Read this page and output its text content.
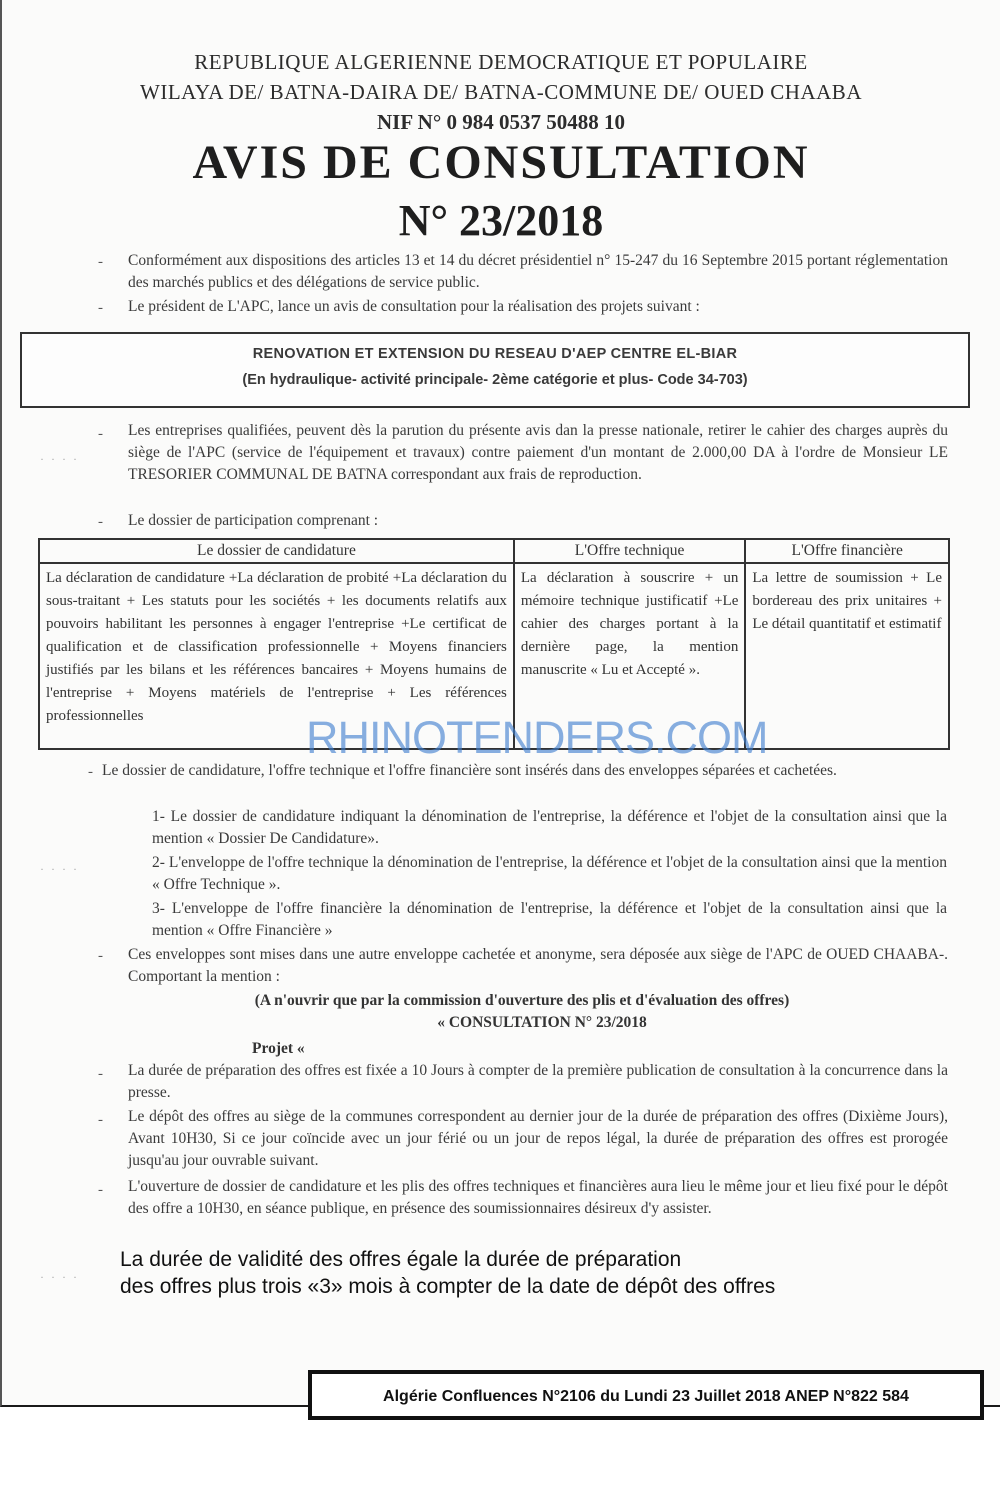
REPUBLIQUE ALGERIENNE DEMOCRATIQUE ET POPULAIRE
WILAYA DE/ BATNA-DAIRA DE/ BATNA-COMMUNE DE/ OUED CHAABA
NIF N° 0 984 0537 50488 10
AVIS DE CONSULTATION
N° 23/2018
- Conformément aux dispositions des articles 13 et 14 du décret présidentiel n° 15-247 du 16 Septembre 2015 portant réglementation des marchés publics et des délégations de service public.
- Le président de L'APC, lance un avis de consultation pour la réalisation des projets suivant :
RENOVATION ET EXTENSION DU RESEAU D'AEP CENTRE EL-BIAR
(En hydraulique- activité principale- 2ème catégorie et plus- Code 34-703)
- Les entreprises qualifiées, peuvent dès la parution du présente avis dan la presse nationale, retirer le cahier des charges auprès du siège de l'APC (service de l'équipement et travaux) contre paiement d'un montant de 2.000,00 DA à l'ordre de Monsieur LE TRESORIER COMMUNAL DE BATNA correspondant aux frais de reproduction.
· · · ·
- Le dossier de participation comprenant :
Le dossier de candidature	L'Offre technique	L'Offre financière
La déclaration de candidature +La déclaration de probité +La déclaration du sous-traitant + Les statuts pour les sociétés + les documents relatifs aux pouvoirs habilitant les personnes à engager l'entreprise +Le certificat de qualification et de classification professionnelle + Moyens financiers justifiés par les bilans et les références bancaires + Moyens humains de l'entreprise + Moyens matériels de l'entreprise + Les références professionnelles	La déclaration à souscrire + un mémoire technique justificatif +Le cahier des charges portant à la dernière page, la mention manuscrite « Lu et Accepté ».	La lettre de soumission + Le bordereau des prix unitaires + Le détail quantitatif et estimatif
RHINOTENDERS.COM
- Le dossier de candidature, l'offre technique et l'offre financière sont insérés dans des enveloppes séparées et cachetées.
1- Le dossier de candidature indiquant la dénomination de l'entreprise, la déférence et l'objet de la consultation ainsi que la mention « Dossier De Candidature».
2- L'enveloppe de l'offre technique la dénomination de l'entreprise, la déférence et l'objet de la consultation ainsi que la mention « Offre Technique ».
· · · ·
3- L'enveloppe de l'offre financière la dénomination de l'entreprise, la déférence et l'objet de la consultation ainsi que la mention « Offre Financière »
- Ces enveloppes sont mises dans une autre enveloppe cachetée et anonyme, sera déposée aux siège de l'APC de OUED CHAABA-. Comportant la mention :
(A n'ouvrir que par la commission d'ouverture des plis et d'évaluation des offres)
« CONSULTATION N° 23/2018
Projet «
- La durée de préparation des offres est fixée a 10 Jours à compter de la première publication de consultation à la concurrence dans la presse.
- Le dépôt des offres au siège de la communes correspondent au dernier jour de la durée de préparation des offres (Dixième Jours), Avant 10H30, Si ce jour coïncide avec un jour férié ou un jour de repos légal, la durée de préparation des offres est prorogée jusqu'au jour ouvrable suivant.
- L'ouverture de dossier de candidature et les plis des offres techniques et financières aura lieu le même jour et lieu fixé pour le dépôt des offre a 10H30, en séance publique, en présence des soumissionnaires désireux d'y assister.
· · · ·
La durée de validité des offres égale la durée de préparation
des offres plus trois «3» mois à compter de la date de dépôt des offres
Algérie Confluences N°2106 du Lundi 23 Juillet 2018 ANEP N°822 584
